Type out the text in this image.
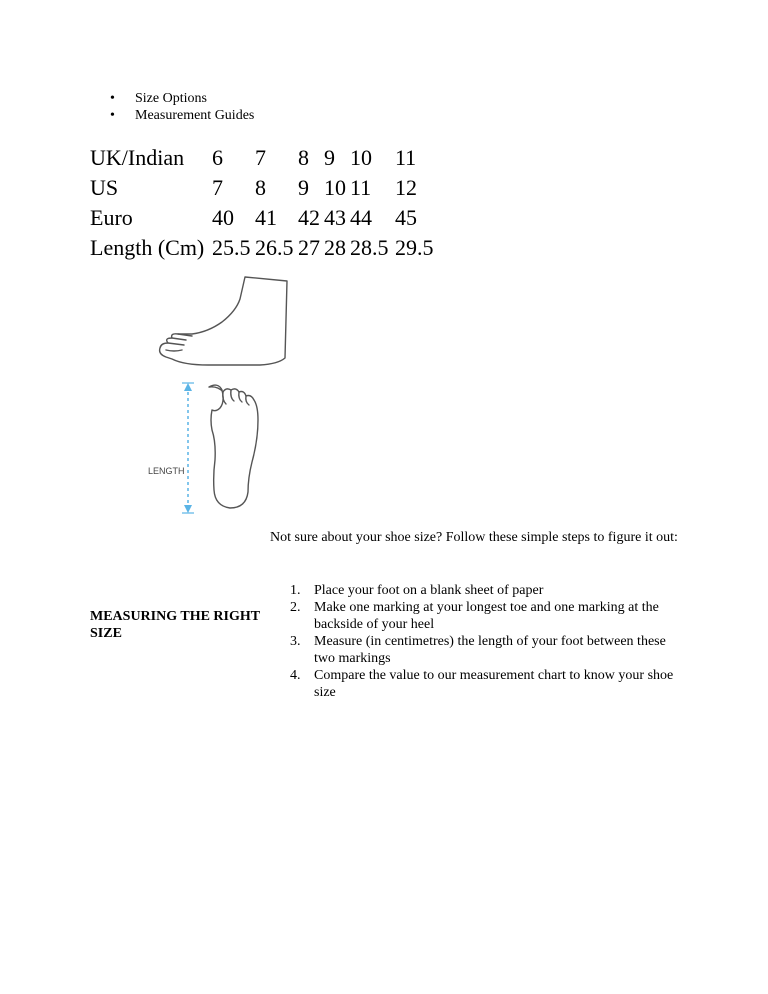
• Size Options
• Measurement Guides
UK/Indian 6 7 8 9 10 11
US	7 8 9 10 11 12
Euro	40 41 42 43 44 45
Length (Cm) 25.5 26.5 27 28 28.5 29.5
LENGTH

Not sure about your shoe size? Follow these simple steps to figure it out:

MEASURING THE RIGHT SIZE

1. Place your foot on a blank sheet of paper
2. Make one marking at your longest toe and one marking at the backside of your heel
3. Measure (in centimetres) the length of your foot between these two markings
4. Compare the value to our measurement chart to know your shoe size
